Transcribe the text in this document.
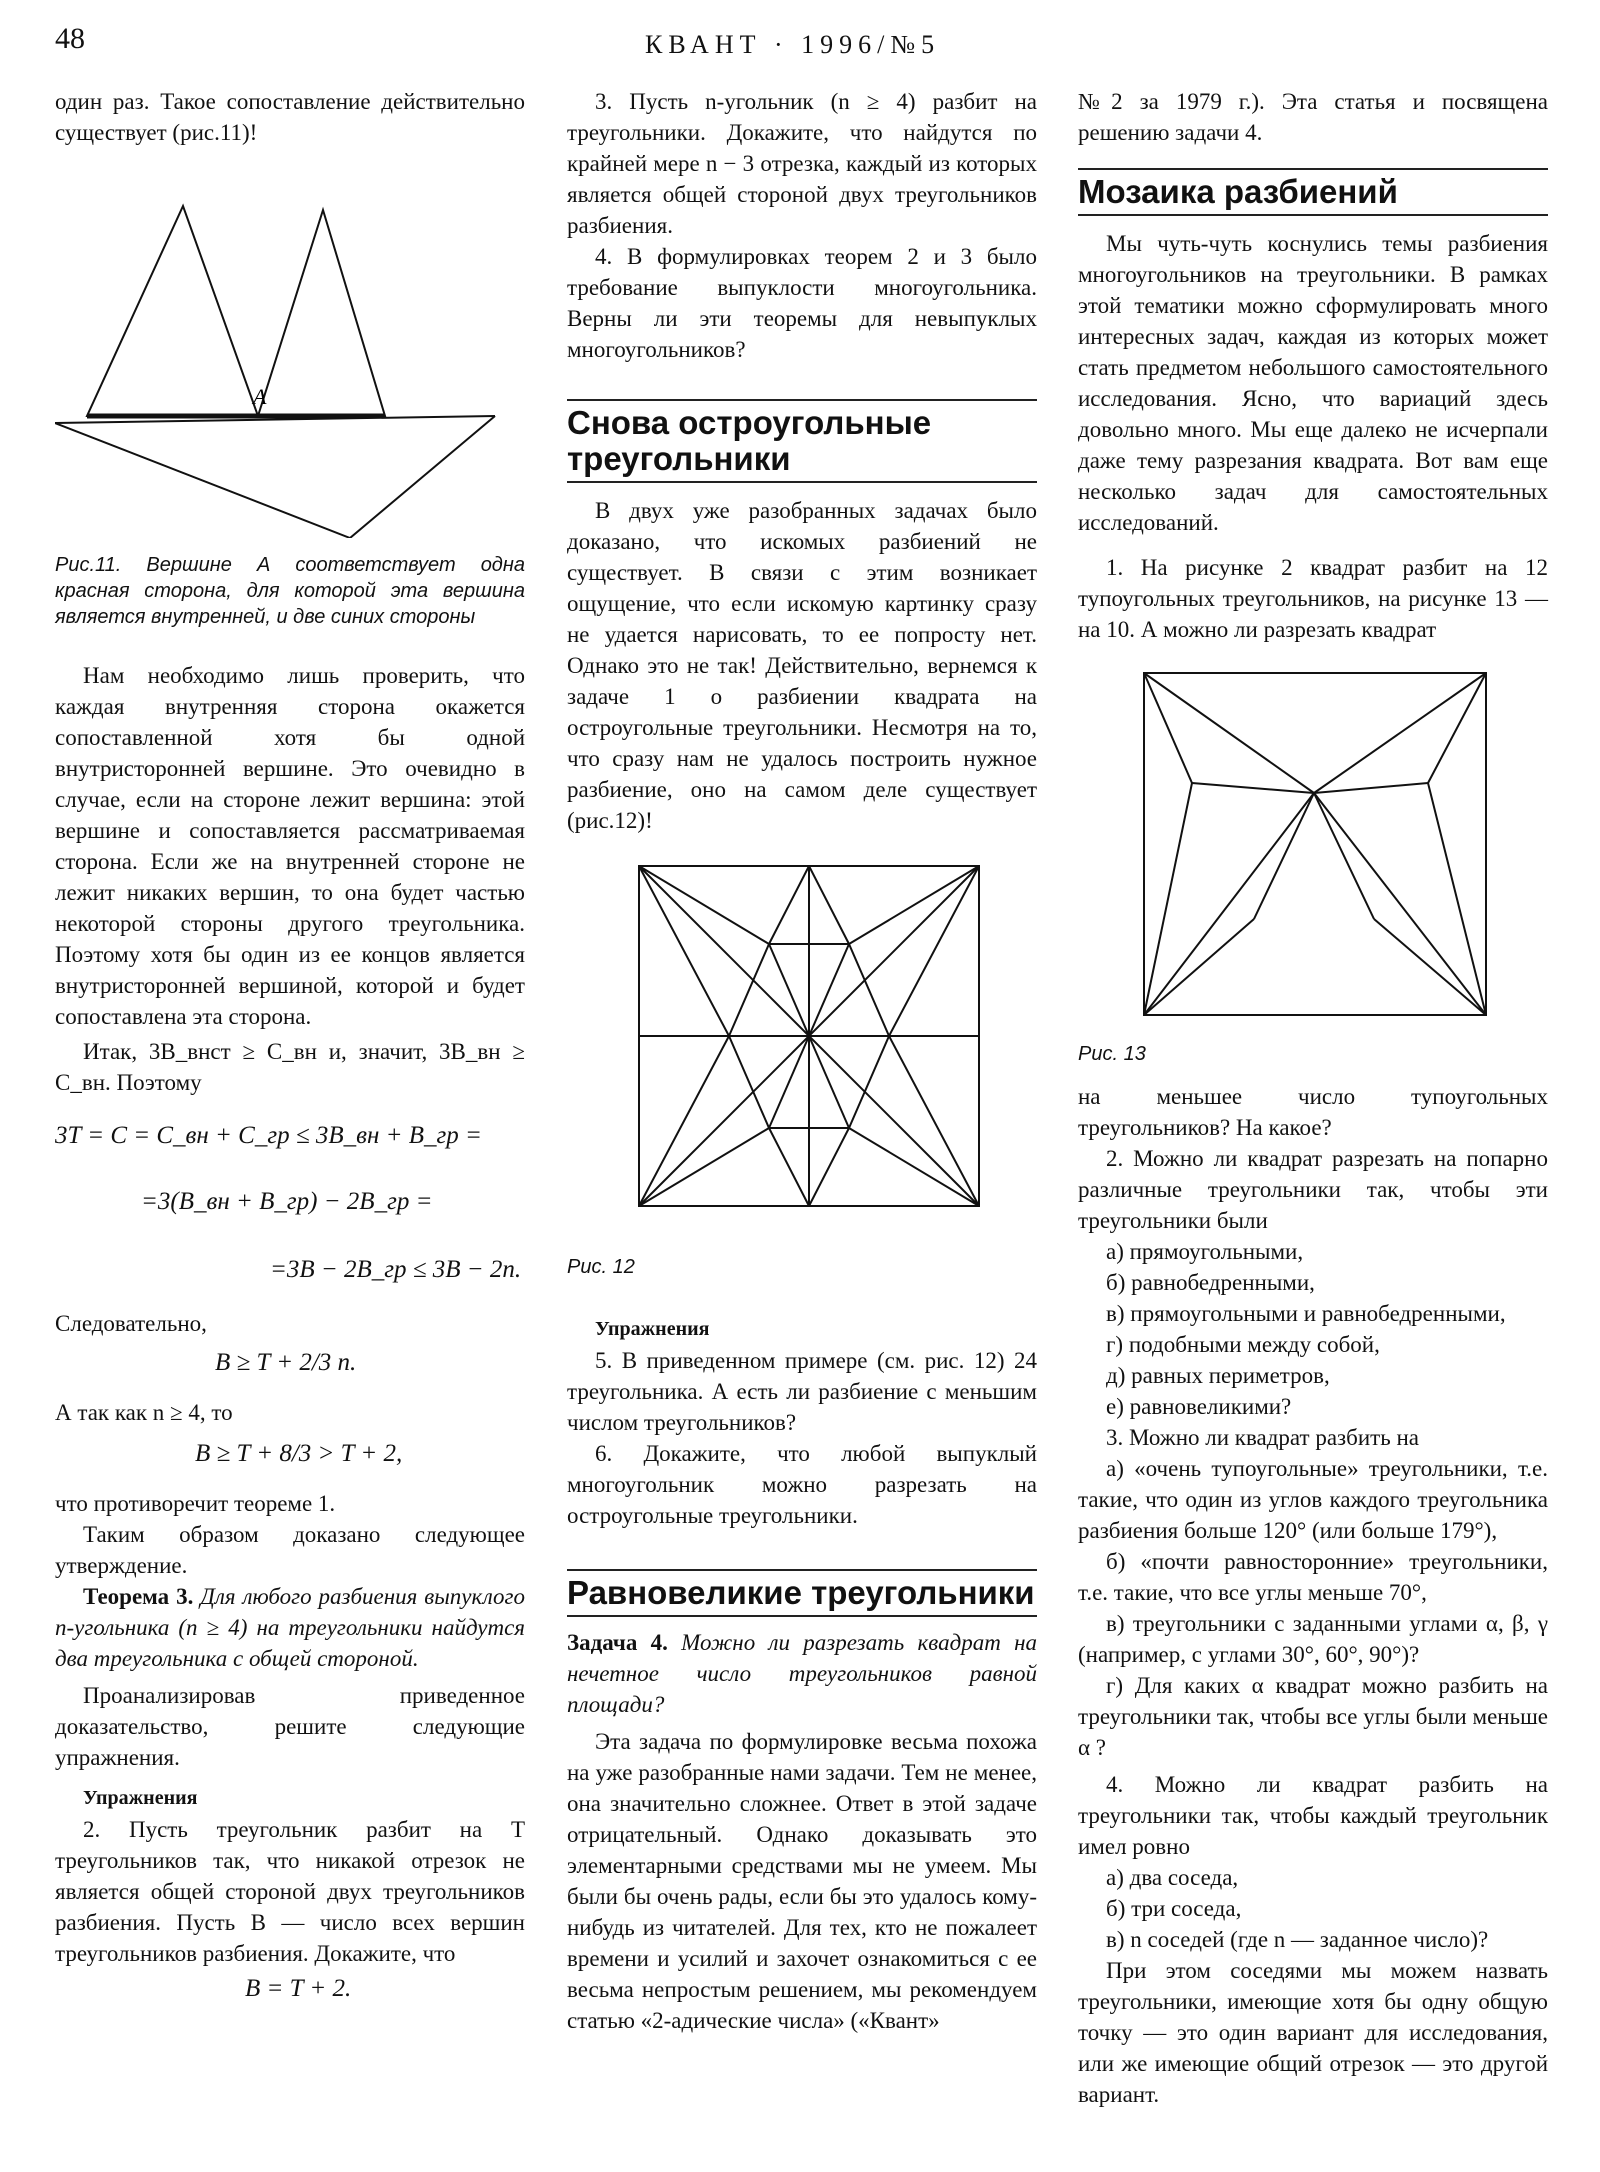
48	КВАНТ · 1996/№5

один раз. Такое сопоставление действительно существует (рис.11)!

A

Рис.11. Вершине А соответствует одна красная сторона, для которой эта вершина является внутренней, и две синих стороны

Нам необходимо лишь проверить, что каждая внутренняя сторона окажется сопоставленной хотя бы одной внутристоронней вершине. Это очевидно в случае, если на стороне лежит вершина: этой вершине и сопоставляется рассматриваемая сторона. Если же на внутренней стороне не лежит никаких вершин, то она будет частью некоторой стороны другого треугольника. Поэтому хотя бы один из ее концов является внутристоронней вершиной, которой и будет сопоставлена эта сторона.

Итак, 3B_внст ≥ C_вн и, значит, 3B_вн ≥ C_вн. Поэтому

3T = C = C_вн + C_гр ≤ 3B_вн + B_гр =
=3(B_вн + B_гр) − 2B_гр =
=3B − 2B_гр ≤ 3B − 2n.

Следовательно,

B ≥ T + 2/3 n.

А так как n ≥ 4, то

B ≥ T + 8/3 > T + 2,

что противоречит теореме 1.

Таким образом доказано следующее утверждение.

Теорема 3. Для любого разбиения выпуклого n-угольника (n ≥ 4) на треугольники найдутся два треугольника с общей стороной.

Проанализировав приведенное доказательство, решите следующие упражнения.

Упражнения

2. Пусть треугольник разбит на T треугольников так, что никакой отрезок не является общей стороной двух треугольников разбиения. Пусть B — число всех вершин треугольников разбиения. Докажите, что

B = T + 2.

3. Пусть n-угольник (n ≥ 4) разбит на треугольники. Докажите, что найдутся по крайней мере n − 3 отрезка, каждый из которых является общей стороной двух треугольников разбиения.

4. В формулировках теорем 2 и 3 было требование выпуклости многоугольника. Верны ли эти теоремы для невыпуклых многоугольников?

Снова остроугольные треугольники

В двух уже разобранных задачах было доказано, что искомых разбиений не существует. В связи с этим возникает ощущение, что если искомую картинку сразу не удается нарисовать, то ее попросту нет. Однако это не так! Действительно, вернемся к задаче 1 о разбиении квадрата на остроугольные треугольники. Несмотря на то, что сразу нам не удалось построить нужное разбиение, оно на самом деле существует (рис.12)!

Рис. 12

Упражнения

5. В приведенном примере (см. рис. 12) 24 треугольника. А есть ли разбиение с меньшим числом треугольников?

6. Докажите, что любой выпуклый многоугольник можно разрезать на остроугольные треугольники.

Равновеликие треугольники

Задача 4. Можно ли разрезать квадрат на нечетное число треугольников равной площади?

Эта задача по формулировке весьма похожа на уже разобранные нами задачи. Тем не менее, она значительно сложнее. Ответ в этой задаче отрицательный. Однако доказывать это элементарными средствами мы не умеем. Мы были бы очень рады, если бы это удалось кому-нибудь из читателей. Для тех, кто не пожалеет времени и усилий и захочет ознакомиться с ее весьма непростым решением, мы рекомендуем статью «2-адические числа» («Квант»

№2 за 1979 г.). Эта статья и посвящена решению задачи 4.

Мозаика разбиений

Мы чуть-чуть коснулись темы разбиения многоугольников на треугольники. В рамках этой тематики можно сформулировать много интересных задач, каждая из которых может стать предметом небольшого самостоятельного исследования. Ясно, что вариаций здесь довольно много. Мы еще далеко не исчерпали даже тему разрезания квадрата. Вот вам еще несколько задач для самостоятельных исследований.

1. На рисунке 2 квадрат разбит на 12 тупоугольных треугольников, на рисунке 13 — на 10. А можно ли разрезать квадрат

Рис. 13

на меньшее число тупоугольных треугольников? На какое?

2. Можно ли квадрат разрезать на попарно различные треугольники так, чтобы эти треугольники были

а) прямоугольными,

б) равнобедренными,

в) прямоугольными и равнобедренными,

г) подобными между собой,

д) равных периметров,

е) равновеликими?

3. Можно ли квадрат разбить на

а) «очень тупоугольные» треугольники, т.е. такие, что один из углов каждого треугольника разбиения больше 120° (или больше 179°),

б) «почти равносторонние» треугольники, т.е. такие, что все углы меньше 70°,

в) треугольники с заданными углами α, β, γ (например, с углами 30°, 60°, 90°)?

г) Для каких α квадрат можно разбить на треугольники так, чтобы все углы были меньше α ?

4. Можно ли квадрат разбить на треугольники так, чтобы каждый треугольник имел ровно

а) два соседа,

б) три соседа,

в) n соседей (где n — заданное число)?

При этом соседями мы можем назвать треугольники, имеющие хотя бы одну общую точку — это один вариант для исследования, или же имеющие общий отрезок — это другой вариант.
